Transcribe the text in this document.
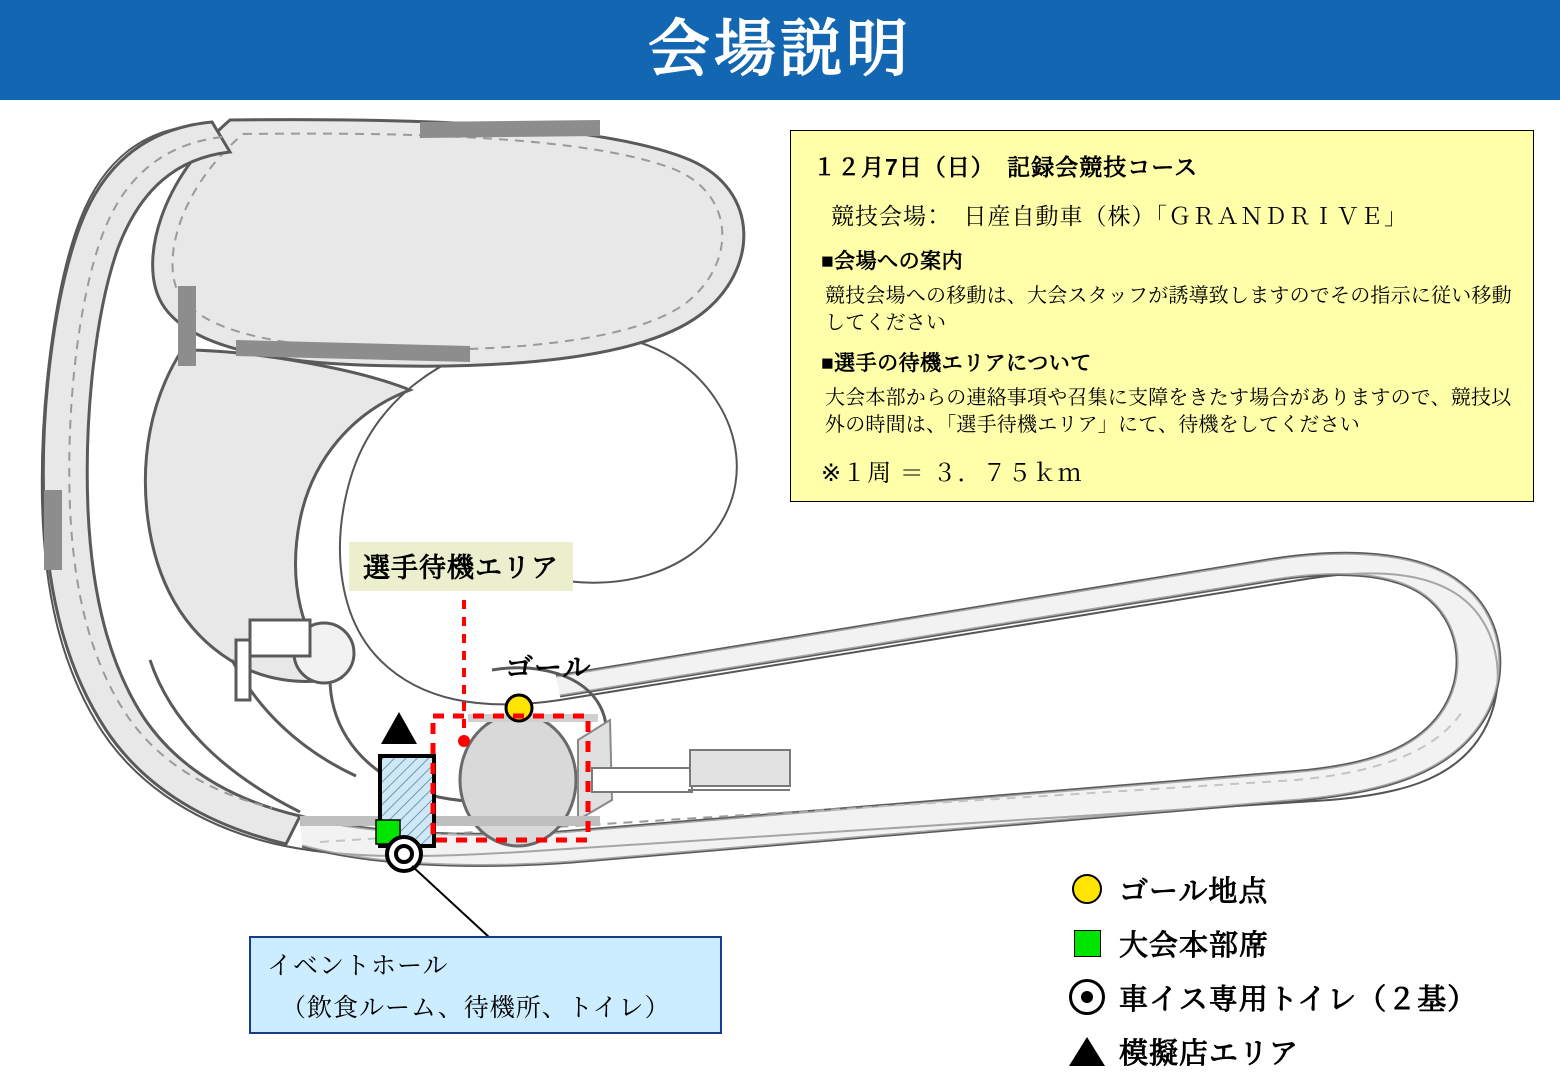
会場説明

１２月7日（日）　記録会競技コース

競技会場：　日産自動車（株）「ＧＲＡＮＤＲＩＶＥ」

■会場への案内

競技会場への移動は、大会スタッフが誘導致しますのでその指示に従い移動してください

■選手の待機エリアについて

大会本部からの連絡事項や召集に支障をきたす場合がありますので、競技以外の時間は、「選手待機エリア」にて、待機をしてください

※１周 ＝ ３．７５ｋｍ

選手待機エリア
ゴール

イベントホール

（飲食ルーム、待機所、トイレ）

ゴール地点
大会本部席
車イス専用トイレ（２基）
模擬店エリア
